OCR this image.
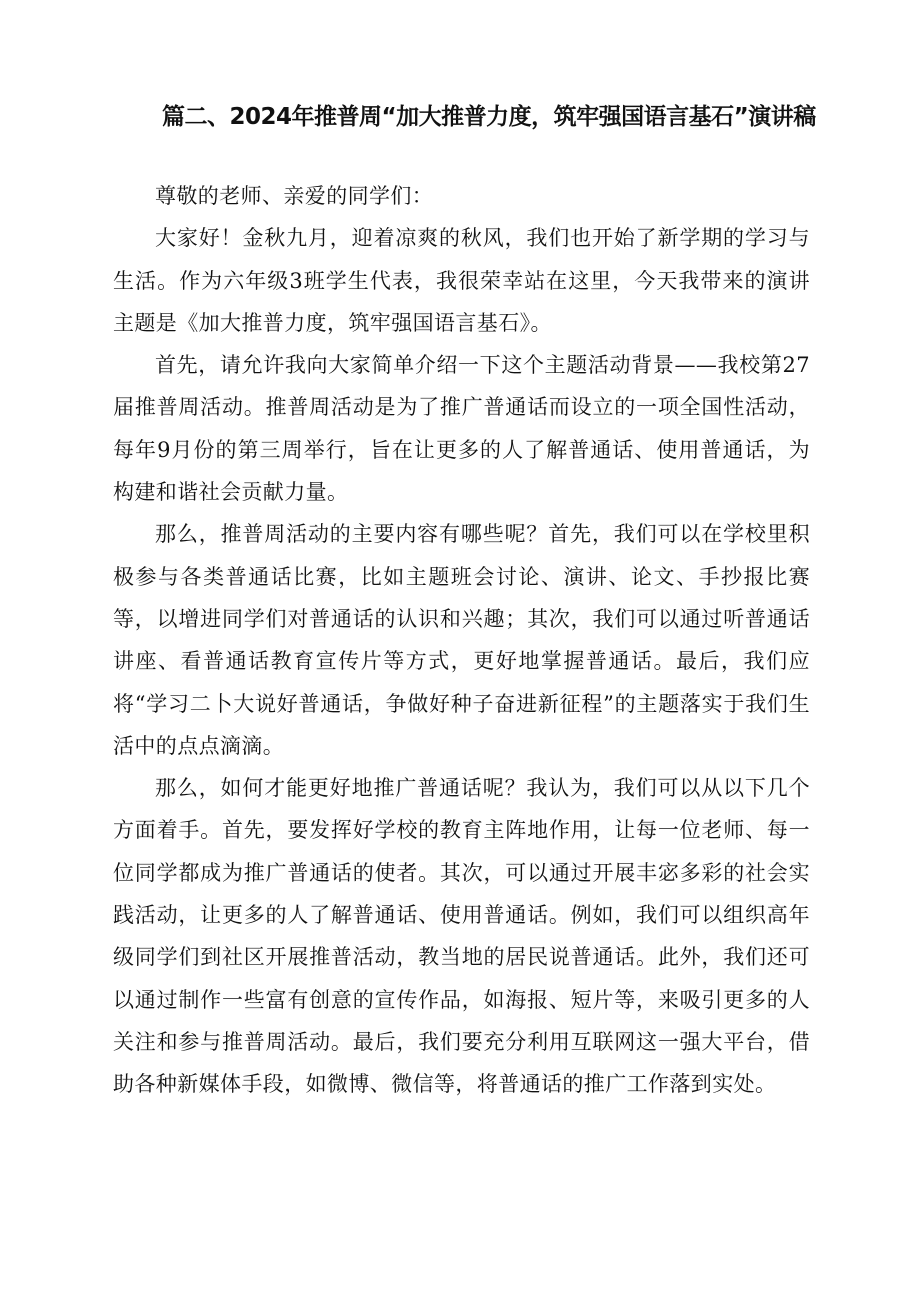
篇二、2024年推普周“加大推普力度，筑牢强国语言基石”演讲稿

尊敬的老师、亲爱的同学们：

大家好！金秋九月，迎着凉爽的秋风，我们也开始了新学期的学习与生活。作为六年级3班学生代表，我很荣幸站在这里，今天我带来的演讲主题是《加大推普力度，筑牢强国语言基石》。

首先，请允许我向大家简单介绍一下这个主题活动背景——我校第27届推普周活动。推普周活动是为了推广普通话而设立的一项全国性活动，每年9月份的第三周举行，旨在让更多的人了解普通话、使用普通话，为构建和谐社会贡献力量。

那么，推普周活动的主要内容有哪些呢？首先，我们可以在学校里积极参与各类普通话比赛，比如主题班会讨论、演讲、论文、手抄报比赛等，以增进同学们对普通话的认识和兴趣；其次，我们可以通过听普通话讲座、看普通话教育宣传片等方式，更好地掌握普通话。最后，我们应将“学习二卜大说好普通话，争做好种子奋进新征程”的主题落实于我们生活中的点点滴滴。

那么，如何才能更好地推广普通话呢？我认为，我们可以从以下几个方面着手。首先，要发挥好学校的教育主阵地作用，让每一位老师、每一位同学都成为推广普通话的使者。其次，可以通过开展丰宓多彩的社会实践活动，让更多的人了解普通话、使用普通话。例如，我们可以组织高年级同学们到社区开展推普活动，教当地的居民说普通话。此外，我们还可以通过制作一些富有创意的宣传作品，如海报、短片等，来吸引更多的人关注和参与推普周活动。最后，我们要充分利用互联网这一强大平台，借助各种新媒体手段，如微博、微信等，将普通话的推广工作落到实处。
